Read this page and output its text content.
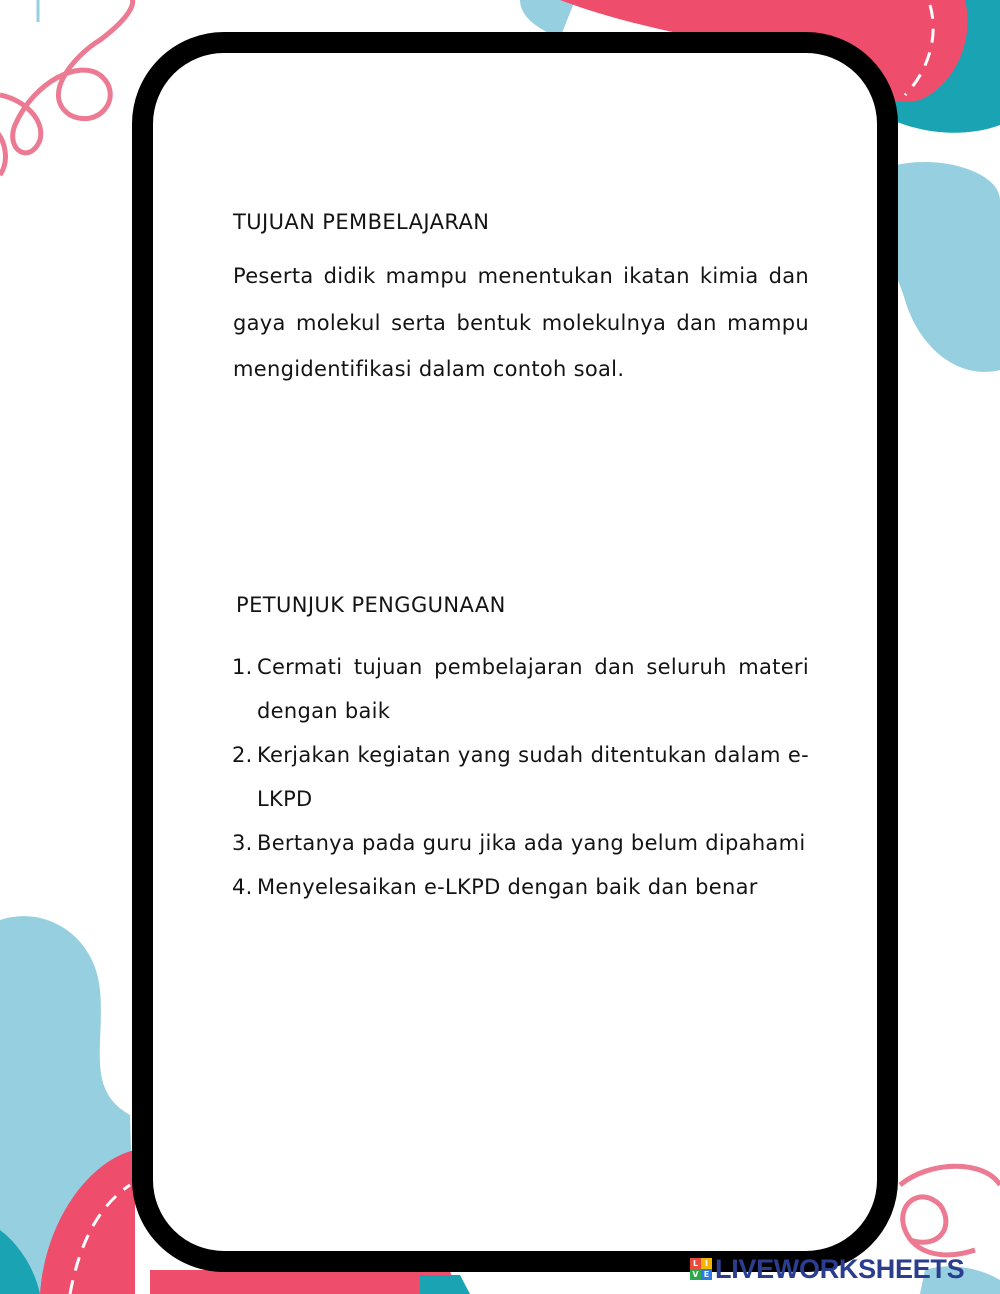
TUJUAN PEMBELAJARAN

Peserta didik mampu menentukan ikatan kimia dan gaya molekul serta bentuk molekulnya dan mampu mengidentifikasi dalam contoh soal.

PETUNJUK PENGGUNAAN
1. Cermati tujuan pembelajaran dan seluruh materi dengan baik
2. Kerjakan kegiatan yang sudah ditentukan dalam e-LKPD
3. Bertanya pada guru jika ada yang belum dipahami
4. Menyelesaikan e-LKPD dengan baik dan benar
L I
V E LIVEWORKSHEETS
